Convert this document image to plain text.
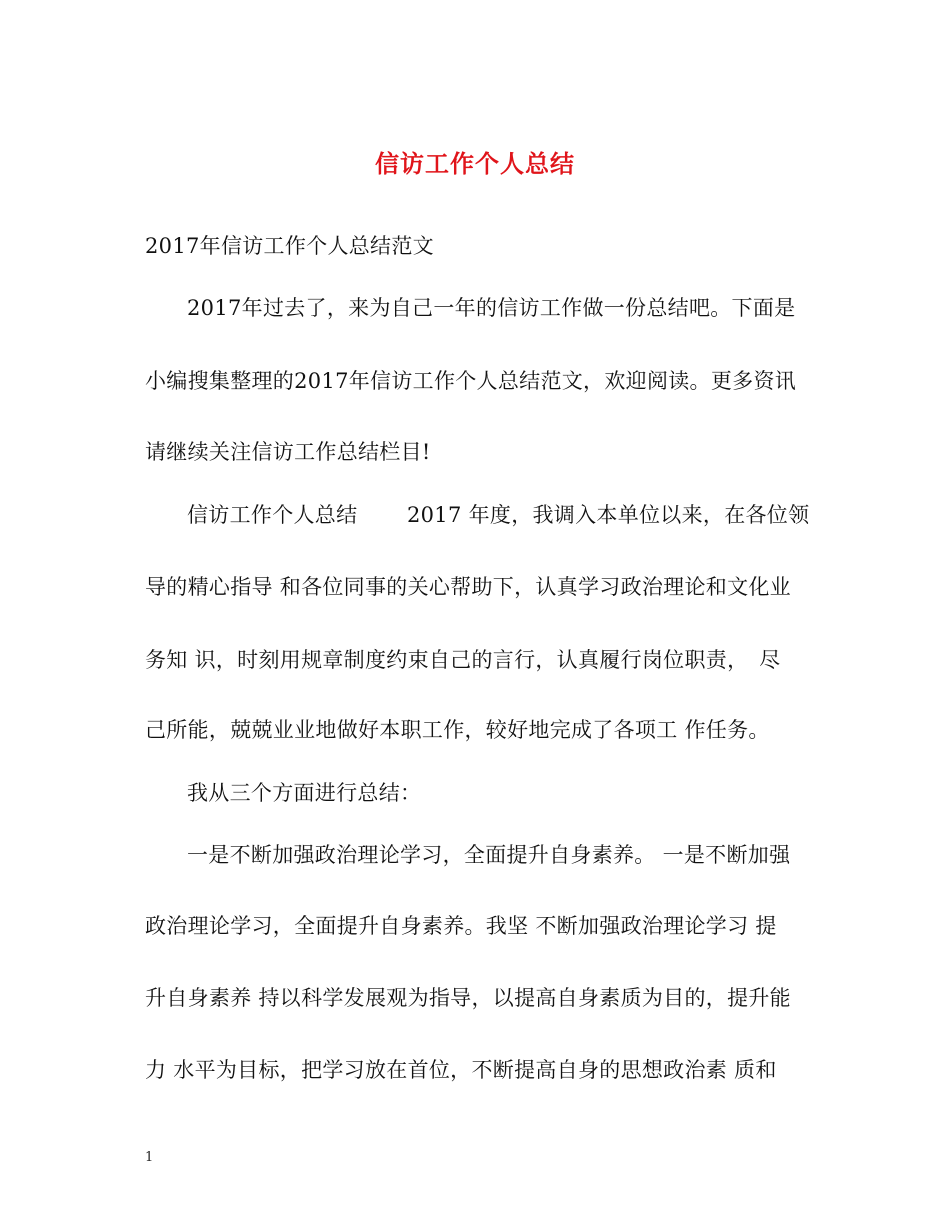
信访工作个人总结
2017年信访工作个人总结范文
2017年过去了，来为自己一年的信访工作做一份总结吧。下面是
小编搜集整理的2017年信访工作个人总结范文，欢迎阅读。更多资讯
请继续关注信访工作总结栏目!
信访工作个人总结　　 2017 年度，我调入本单位以来，在各位领
导的精心指导 和各位同事的关心帮助下，认真学习政治理论和文化业
务知 识，时刻用规章制度约束自己的言行，认真履行岗位职责，　尽
己所能，兢兢业业地做好本职工作，较好地完成了各项工 作任务。
我从三个方面进行总结：
一是不断加强政治理论学习，全面提升自身素养。 一是不断加强
政治理论学习，全面提升自身素养。我坚 不断加强政治理论学习 提
升自身素养 持以科学发展观为指导，以提高自身素质为目的，提升能
力 水平为目标，把学习放在首位，不断提高自身的思想政治素 质和
1
